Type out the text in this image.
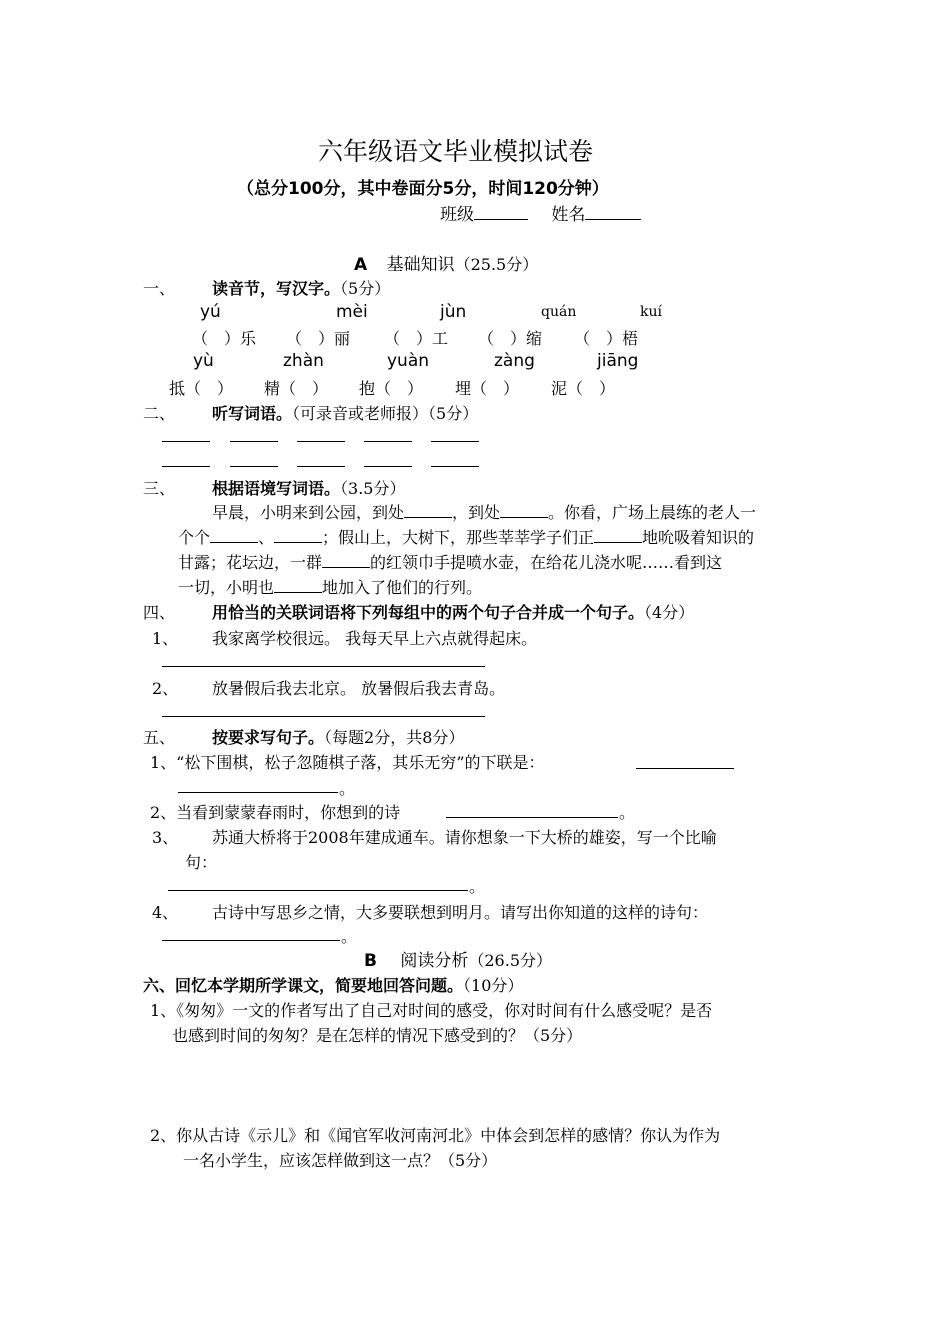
六年级语文毕业模拟试卷
（总分100分，其中卷面分5分，时间120分钟）
班级	姓名
A 基础知识（25.5分）
一、 读音节，写汉字。（5分）
yú	mèi	jùn	quán	kuí
（　）乐 （　）丽 （　）工 （　）缩 （　）梧
yù	zhàn	yuàn	zàng	jiāng
抵（　） 精（　） 抱（　） 埋（　） 泥（　）
二、 听写词语。（可录音或老师报）（5分）
三、 根据语境写词语。（3.5分）
早晨，小明来到公园，到处	，到处	。你看，广场上晨练的老人一
个个	、	；假山上，大树下，那些莘莘学子们正	地吮吸着知识的
甘露；花坛边，一群	的红领巾手提喷水壶，在给花儿浇水呢……看到这
一切，小明也	地加入了他们的行列。
四、 用恰当的关联词语将下列每组中的两个句子合并成一个句子。（4分）
1、 我家离学校很远。 我每天早上六点就得起床。
2、 放暑假后我去北京。 放暑假后我去青岛。
五、 按要求写句子。（每题2分，共8分）
1、“松下围棋，松子忽随棋子落，其乐无穷”的下联是：
。
2、当看到蒙蒙春雨时，你想到的诗	。
3、 苏通大桥将于2008年建成通车。请你想象一下大桥的雄姿，写一个比喻
句：
。
4、 古诗中写思乡之情，大多要联想到明月。请写出你知道的这样的诗句：
。
B 阅读分析（26.5分）
六、回忆本学期所学课文，简要地回答问题。（10分）
1、《匆匆》一文的作者写出了自己对时间的感受，你对时间有什么感受呢？是否
也感到时间的匆匆？是在怎样的情况下感受到的？（5分）
2、你从古诗《示儿》和《闻官军收河南河北》中体会到怎样的感情？你认为作为
一名小学生，应该怎样做到这一点？（5分）
